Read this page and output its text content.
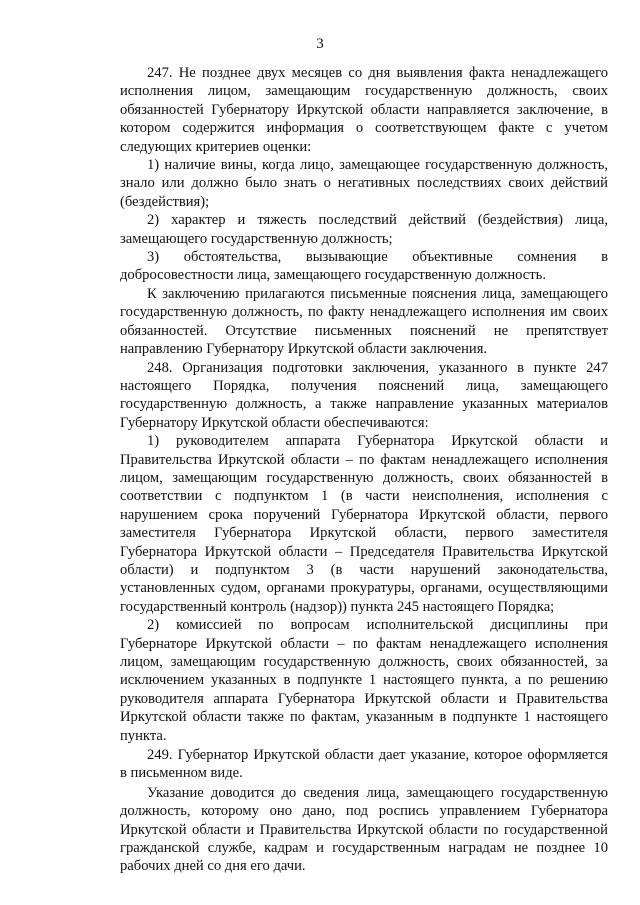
3

247. Не позднее двух месяцев со дня выявления факта ненадлежащего исполнения лицом, замещающим государственную должность, своих обязанностей Губернатору Иркутской области направляется заключение, в котором содержится информация о соответствующем факте с учетом следующих критериев оценки:

1) наличие вины, когда лицо, замещающее государственную должность, знало или должно было знать о негативных последствиях своих действий (бездействия);

2) характер и тяжесть последствий действий (бездействия) лица, замещающего государственную должность;

3) обстоятельства, вызывающие объективные сомнения в добросовестности лица, замещающего государственную должность.

К заключению прилагаются письменные пояснения лица, замещающего государственную должность, по факту ненадлежащего исполнения им своих обязанностей. Отсутствие письменных пояснений не препятствует направлению Губернатору Иркутской области заключения.

248. Организация подготовки заключения, указанного в пункте 247 настоящего Порядка, получения пояснений лица, замещающего государственную должность, а также направление указанных материалов Губернатору Иркутской области обеспечиваются:

1) руководителем аппарата Губернатора Иркутской области и Правительства Иркутской области – по фактам ненадлежащего исполнения лицом, замещающим государственную должность, своих обязанностей в соответствии с подпунктом 1 (в части неисполнения, исполнения с нарушением срока поручений Губернатора Иркутской области, первого заместителя Губернатора Иркутской области, первого заместителя Губернатора Иркутской области – Председателя Правительства Иркутской области) и подпунктом 3 (в части нарушений законодательства, установленных судом, органами прокуратуры, органами, осуществляющими государственный контроль (надзор)) пункта 245 настоящего Порядка;

2) комиссией по вопросам исполнительской дисциплины при Губернаторе Иркутской области – по фактам ненадлежащего исполнения лицом, замещающим государственную должность, своих обязанностей, за исключением указанных в подпункте 1 настоящего пункта, а по решению руководителя аппарата Губернатора Иркутской области и Правительства Иркутской области также по фактам, указанным в подпункте 1 настоящего пункта.

249. Губернатор Иркутской области дает указание, которое оформляется в письменном виде.

Указание доводится до сведения лица, замещающего государственную должность, которому оно дано, под роспись управлением Губернатора Иркутской области и Правительства Иркутской области по государственной гражданской службе, кадрам и государственным наградам не позднее 10 рабочих дней со дня его дачи.
